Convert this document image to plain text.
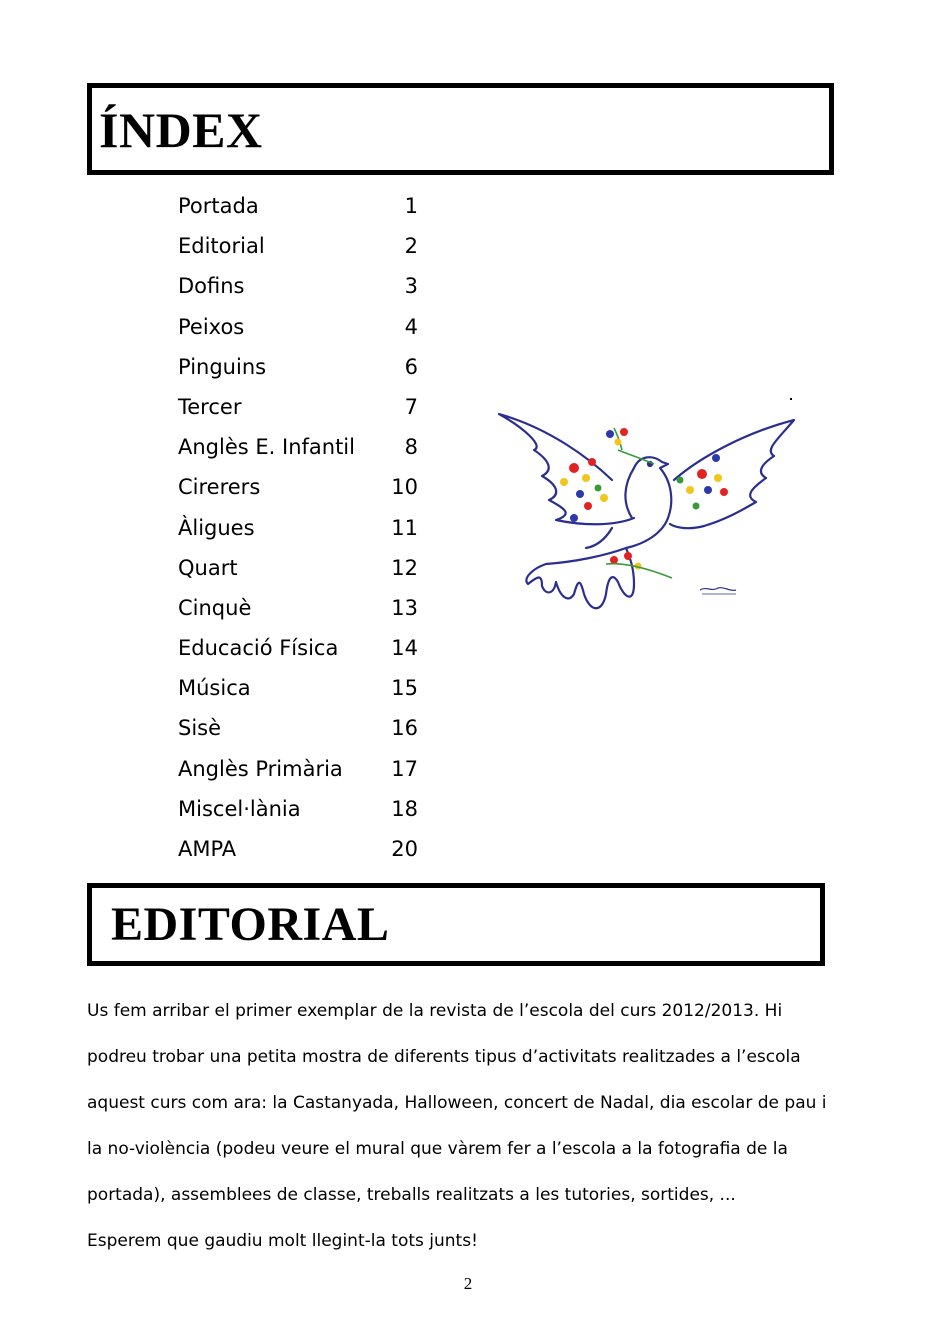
ÍNDEX
Portada	1
Editorial	2
Dofins	3
Peixos	4
Pinguins	6
Tercer	7
Anglès E. Infantil 8
Cirerers	10
Àligues	11
Quart	12
Cinquè	13
Educació Física	14
Música	15
Sisè	16
Anglès Primària 17
Miscel·lània	18
AMPA	20
EDITORIAL

Us fem arribar el primer exemplar de la revista de l’escola del curs 2012/2013. Hi

podreu trobar una petita mostra de diferents tipus d’activitats realitzades a l’escola

aquest curs com ara: la Castanyada, Halloween, concert de Nadal, dia escolar de pau i

la no-violència (podeu veure el mural que vàrem fer a l’escola a la fotografia de la

portada), assemblees de classe, treballs realitzats a les tutories, sortides, ...

Esperem que gaudiu molt llegint-la tots junts!

2
